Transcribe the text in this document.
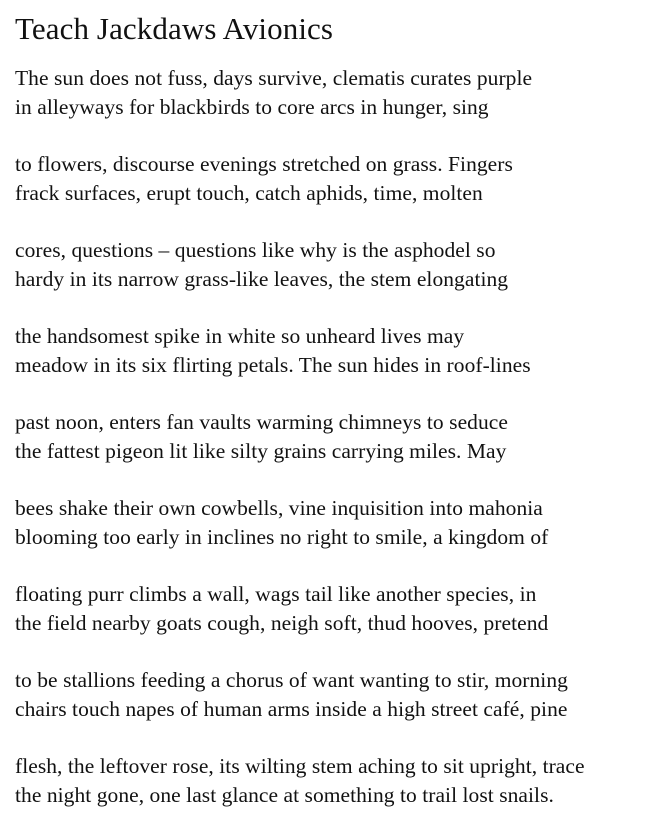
Teach Jackdaws Avionics

The sun does not fuss, days survive, clematis curates purple
in alleyways for blackbirds to core arcs in hunger, sing

to flowers, discourse evenings stretched on grass. Fingers
frack surfaces, erupt touch, catch aphids, time, molten

cores, questions – questions like why is the asphodel so
hardy in its narrow grass-like leaves, the stem elongating

the handsomest spike in white so unheard lives may
meadow in its six flirting petals. The sun hides in roof-lines

past noon, enters fan vaults warming chimneys to seduce
the fattest pigeon lit like silty grains carrying miles. May

bees shake their own cowbells, vine inquisition into mahonia
blooming too early in inclines no right to smile, a kingdom of

floating purr climbs a wall, wags tail like another species, in
the field nearby goats cough, neigh soft, thud hooves, pretend

to be stallions feeding a chorus of want wanting to stir, morning
chairs touch napes of human arms inside a high street café, pine

flesh, the leftover rose, its wilting stem aching to sit upright, trace
the night gone, one last glance at something to trail lost snails.
